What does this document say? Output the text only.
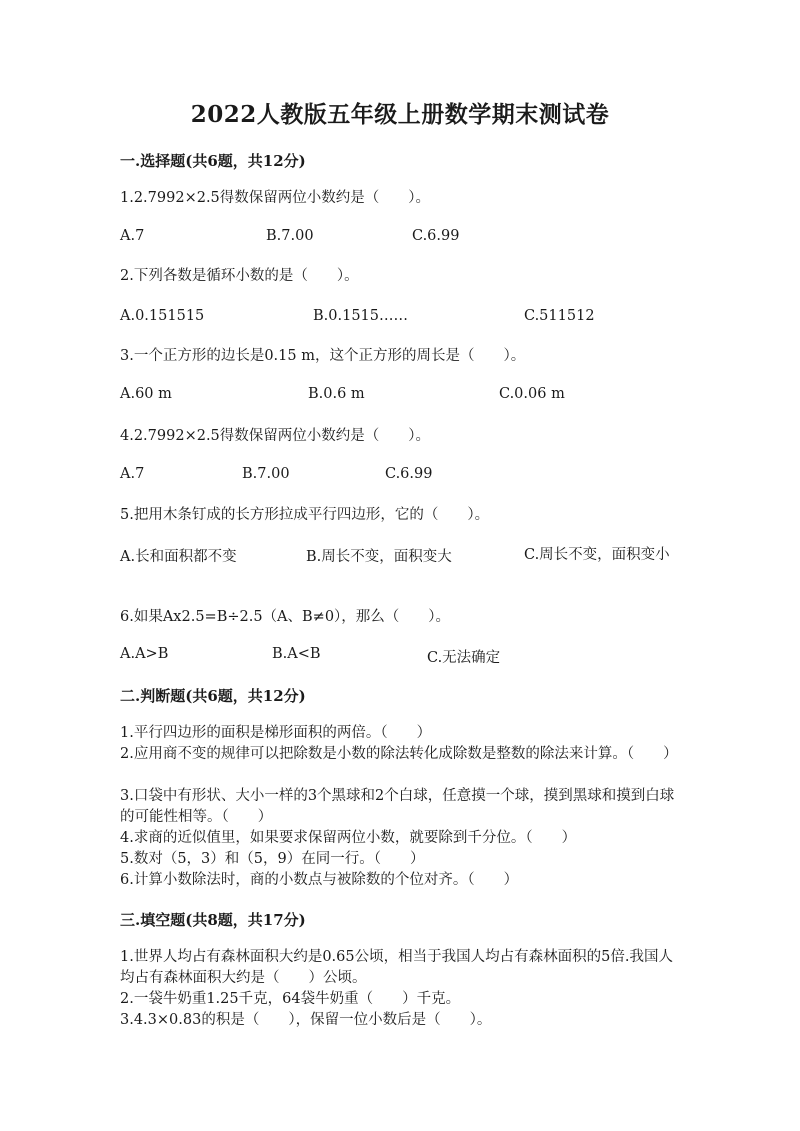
2022人教版五年级上册数学期末测试卷
一.选择题(共6题，共12分)
1.2.7992×2.5得数保留两位小数约是（　　）。
A.7	B.7.00	C.6.99
2.下列各数是循环小数的是（　　）。
A.0.151515	B.0.1515……	C.511512
3.一个正方形的边长是0.15 m，这个正方形的周长是（　　）。
A.60 m	B.0.6 m	C.0.06 m
4.2.7992×2.5得数保留两位小数约是（　　）。
A.7	B.7.00	C.6.99
5.把用木条钉成的长方形拉成平行四边形，它的（　　）。
A.长和面积都不变	B.周长不变，面积变大	C.周长不变，面积变小
6.如果Ax2.5=B÷2.5（A、B≠0），那么（　　）。
A.A>B	B.A<B	C.无法确定
二.判断题(共6题，共12分)
1.平行四边形的面积是梯形面积的两倍。（　　）
2.应用商不变的规律可以把除数是小数的除法转化成除数是整数的除法来计算。（　　）
3.口袋中有形状、大小一样的3个黑球和2个白球，任意摸一个球，摸到黑球和摸到白球的可能性相等。（　　）
4.求商的近似值里，如果要求保留两位小数，就要除到千分位。（　　）
5.数对（5，3）和（5，9）在同一行。（　　）
6.计算小数除法时，商的小数点与被除数的个位对齐。（　　）
三.填空题(共8题，共17分)
1.世界人均占有森林面积大约是0.65公顷，相当于我国人均占有森林面积的5倍.我国人均占有森林面积大约是（　　）公顷。
2.一袋牛奶重1.25千克，64袋牛奶重（　　）千克。
3.4.3×0.83的积是（　　），保留一位小数后是（　　）。
